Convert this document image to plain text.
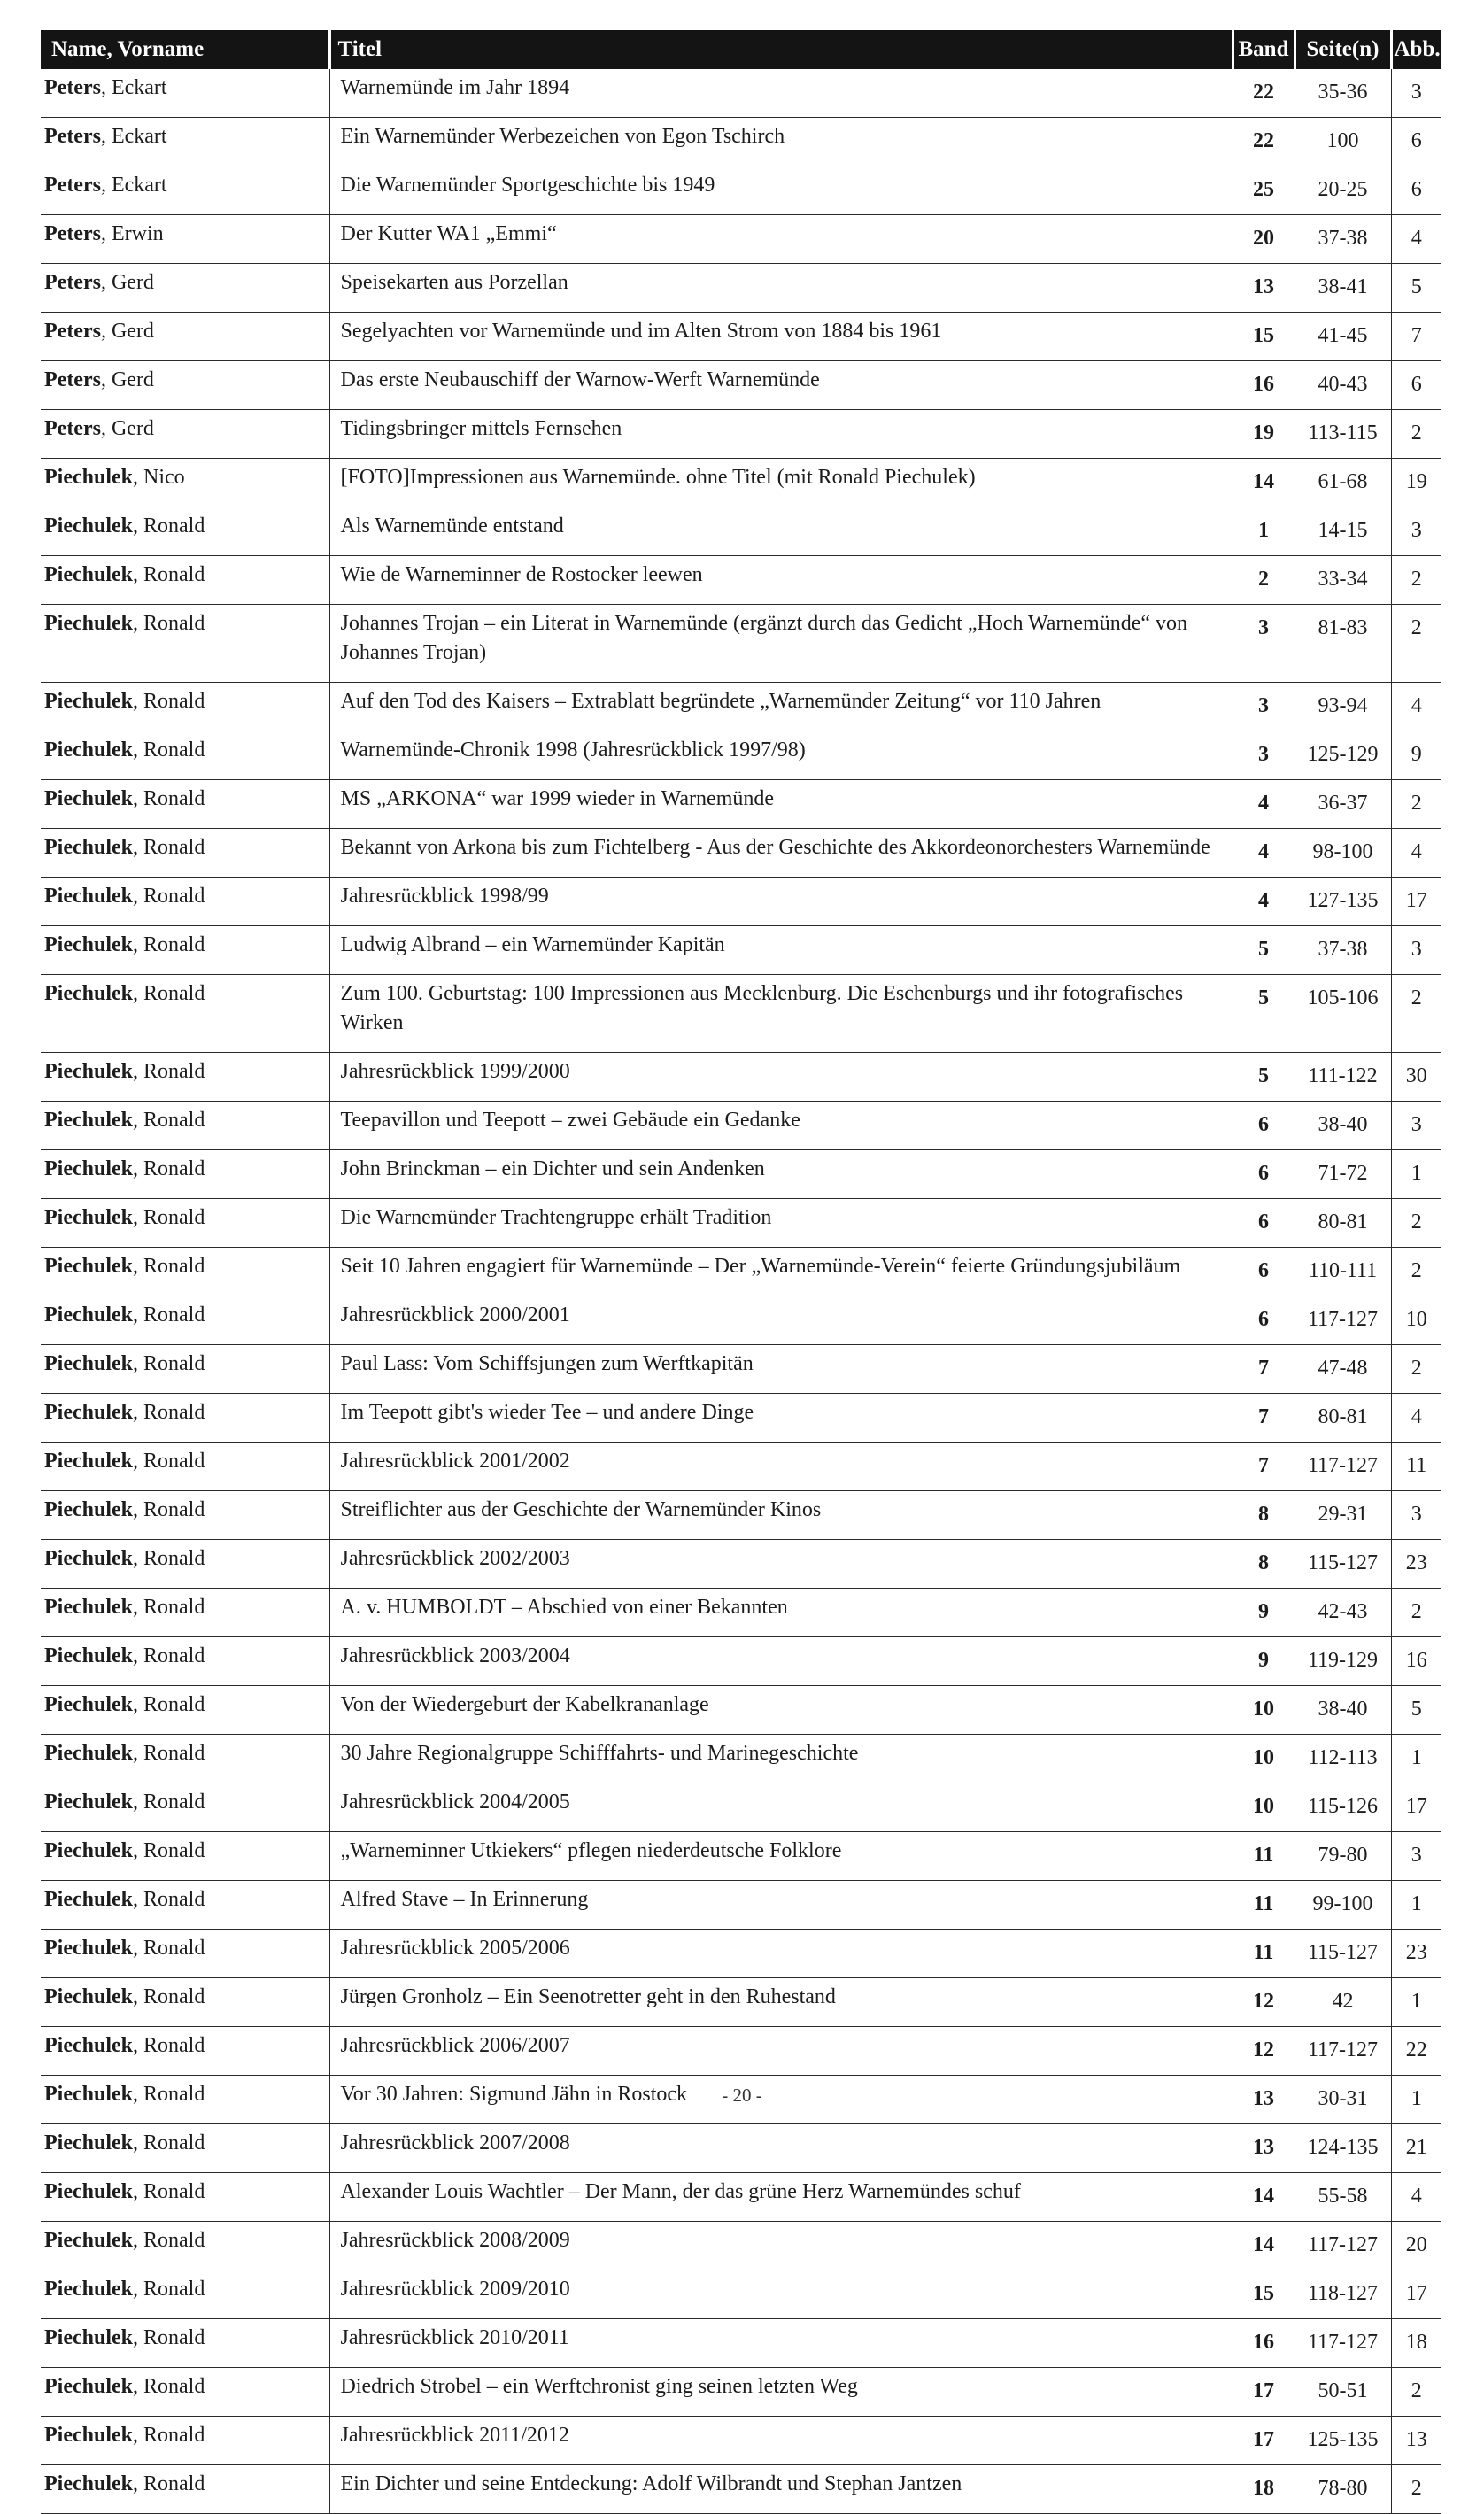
Name, Vorname	Titel	Band	Seite(n)	Abb.
Peters, Eckart	Warnemünde im Jahr 1894	22	35-36	3
Peters, Eckart	Ein Warnemünder Werbezeichen von Egon Tschirch	22	100	6
Peters, Eckart	Die Warnemünder Sportgeschichte bis 1949	25	20-25	6
Peters, Erwin	Der Kutter WA1 „Emmi“	20	37-38	4
Peters, Gerd	Speisekarten aus Porzellan	13	38-41	5
Peters, Gerd	Segelyachten vor Warnemünde und im Alten Strom von 1884 bis 1961	15	41-45	7
Peters, Gerd	Das erste Neubauschiff der Warnow-Werft Warnemünde	16	40-43	6
Peters, Gerd	Tidingsbringer mittels Fernsehen	19	113-115	2
Piechulek, Nico	[FOTO]Impressionen aus Warnemünde. ohne Titel (mit Ronald Piechulek)	14	61-68	19
Piechulek, Ronald	Als Warnemünde entstand	1	14-15	3
Piechulek, Ronald	Wie de Warneminner de Rostocker leewen	2	33-34	2
Piechulek, Ronald	Johannes Trojan – ein Literat in Warnemünde (ergänzt durch das Gedicht „Hoch Warnemünde“ von Johannes Trojan)	3	81-83	2
Piechulek, Ronald	Auf den Tod des Kaisers – Extrablatt begründete „Warnemünder Zeitung“ vor 110 Jahren	3	93-94	4
Piechulek, Ronald	Warnemünde-Chronik 1998 (Jahresrückblick 1997/98)	3	125-129	9
Piechulek, Ronald	MS „ARKONA“ war 1999 wieder in Warnemünde	4	36-37	2
Piechulek, Ronald	Bekannt von Arkona bis zum Fichtelberg - Aus der Geschichte des Akkordeonorchesters Warnemünde	4	98-100	4
Piechulek, Ronald	Jahresrückblick 1998/99	4	127-135	17
Piechulek, Ronald	Ludwig Albrand – ein Warnemünder Kapitän	5	37-38	3
Piechulek, Ronald	Zum 100. Geburtstag: 100 Impressionen aus Mecklenburg. Die Eschenburgs und ihr fotografisches Wirken	5	105-106	2
Piechulek, Ronald	Jahresrückblick 1999/2000	5	111-122	30
Piechulek, Ronald	Teepavillon und Teepott – zwei Gebäude ein Gedanke	6	38-40	3
Piechulek, Ronald	John Brinckman – ein Dichter und sein Andenken	6	71-72	1
Piechulek, Ronald	Die Warnemünder Trachtengruppe erhält Tradition	6	80-81	2
Piechulek, Ronald	Seit 10 Jahren engagiert für Warnemünde – Der „Warnemünde-Verein“ feierte Gründungsjubiläum	6	110-111	2
Piechulek, Ronald	Jahresrückblick 2000/2001	6	117-127	10
Piechulek, Ronald	Paul Lass: Vom Schiffsjungen zum Werftkapitän	7	47-48	2
Piechulek, Ronald	Im Teepott gibt's wieder Tee – und andere Dinge	7	80-81	4
Piechulek, Ronald	Jahresrückblick 2001/2002	7	117-127	11
Piechulek, Ronald	Streiflichter aus der Geschichte der Warnemünder Kinos	8	29-31	3
Piechulek, Ronald	Jahresrückblick 2002/2003	8	115-127	23
Piechulek, Ronald	A. v. HUMBOLDT – Abschied von einer Bekannten	9	42-43	2
Piechulek, Ronald	Jahresrückblick 2003/2004	9	119-129	16
Piechulek, Ronald	Von der Wiedergeburt der Kabelkrananlage	10	38-40	5
Piechulek, Ronald	30 Jahre Regionalgruppe Schifffahrts- und Marinegeschichte	10	112-113	1
Piechulek, Ronald	Jahresrückblick 2004/2005	10	115-126	17
Piechulek, Ronald	„Warneminner Utkiekers“ pflegen niederdeutsche Folklore	11	79-80	3
Piechulek, Ronald	Alfred Stave – In Erinnerung	11	99-100	1
Piechulek, Ronald	Jahresrückblick 2005/2006	11	115-127	23
Piechulek, Ronald	Jürgen Gronholz – Ein Seenotretter geht in den Ruhestand	12	42	1
Piechulek, Ronald	Jahresrückblick 2006/2007	12	117-127	22
Piechulek, Ronald	Vor 30 Jahren: Sigmund Jähn in Rostock	13	30-31	1
Piechulek, Ronald	Jahresrückblick 2007/2008	13	124-135	21
Piechulek, Ronald	Alexander Louis Wachtler – Der Mann, der das grüne Herz Warnemündes schuf	14	55-58	4
Piechulek, Ronald	Jahresrückblick 2008/2009	14	117-127	20
Piechulek, Ronald	Jahresrückblick 2009/2010	15	118-127	17
Piechulek, Ronald	Jahresrückblick 2010/2011	16	117-127	18
Piechulek, Ronald	Diedrich Strobel – ein Werftchronist ging seinen letzten Weg	17	50-51	2
Piechulek, Ronald	Jahresrückblick 2011/2012	17	125-135	13
Piechulek, Ronald	Ein Dichter und seine Entdeckung: Adolf Wilbrandt und Stephan Jantzen	18	78-80	2
- 20 -
